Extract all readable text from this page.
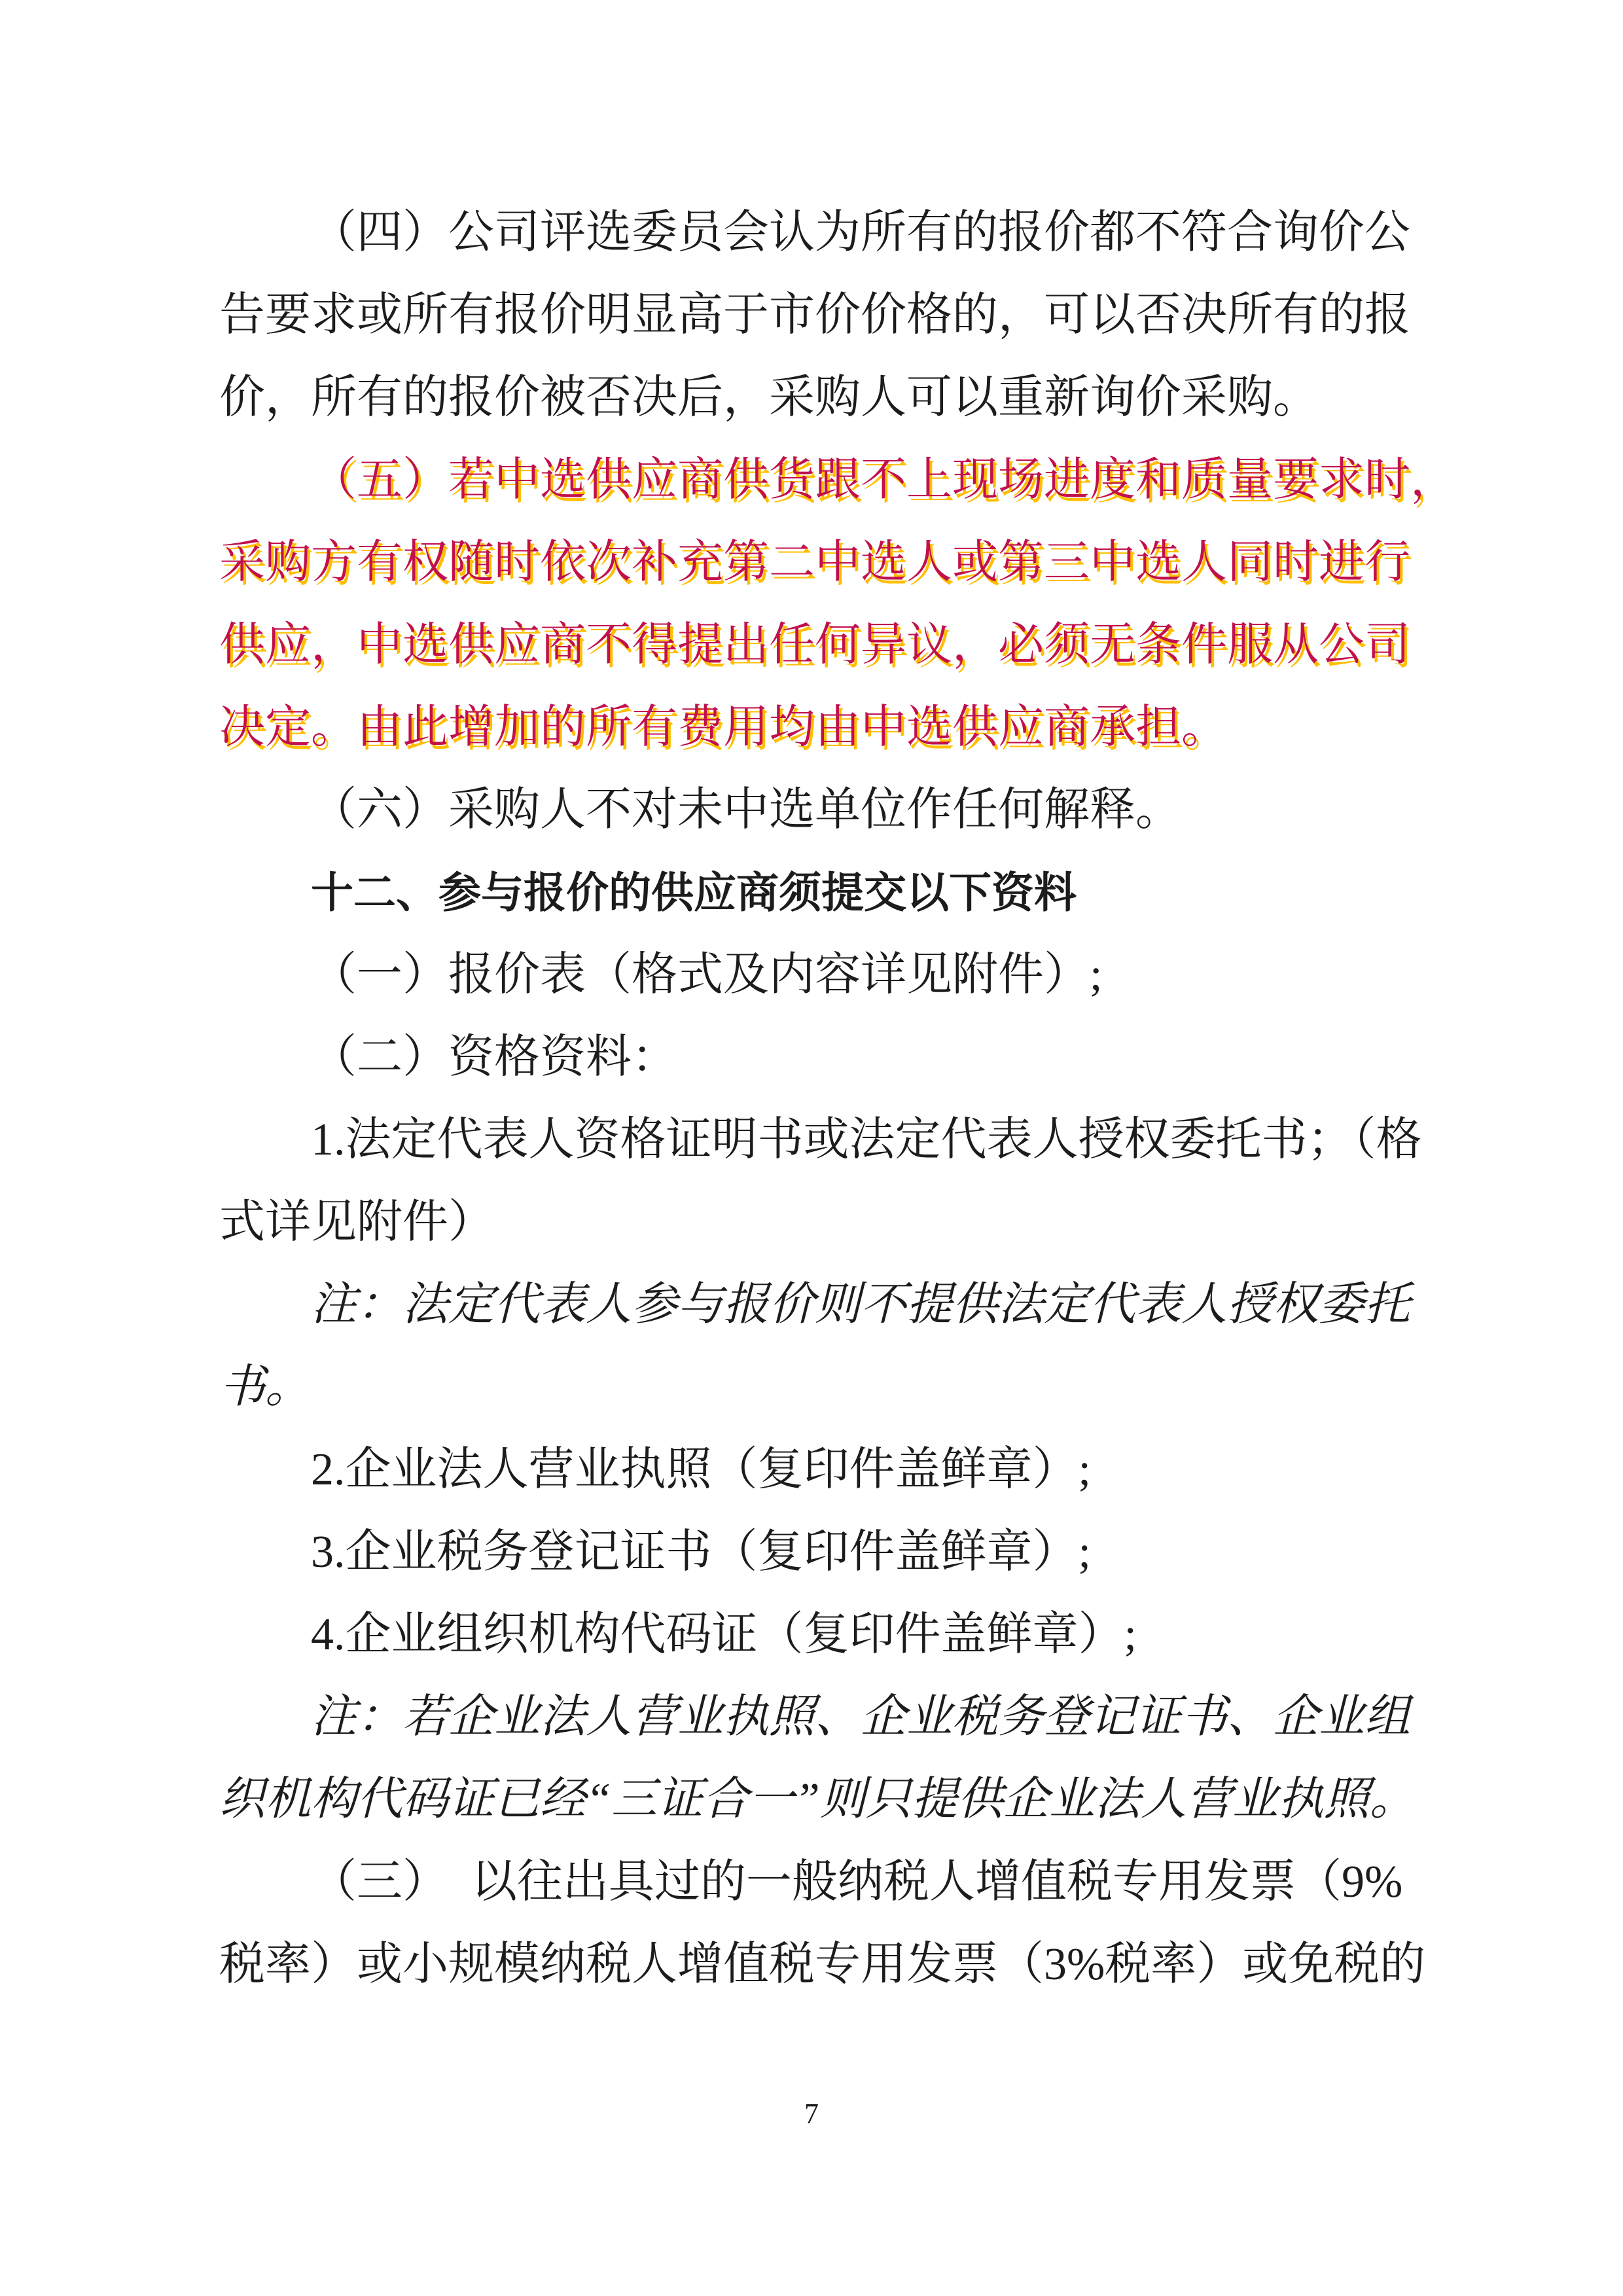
（四）公司评选委员会认为所有的报价都不符合询价公
告要求或所有报价明显高于市价价格的，可以否决所有的报
价，所有的报价被否决后，采购人可以重新询价采购。
（五）若中选供应商供货跟不上现场进度和质量要求时，
采购方有权随时依次补充第二中选人或第三中选人同时进行
供应，中选供应商不得提出任何异议，必须无条件服从公司
决定。由此增加的所有费用均由中选供应商承担。
（六）采购人不对未中选单位作任何解释。
十二、参与报价的供应商须提交以下资料
（一）报价表（格式及内容详见附件）;
（二）资格资料：
1.法定代表人资格证明书或法定代表人授权委托书；（格
式详见附件）
注：法定代表人参与报价则不提供法定代表人授权委托
书。
2.企业法人营业执照（复印件盖鲜章）;
3.企业税务登记证书（复印件盖鲜章）;
4.企业组织机构代码证（复印件盖鲜章）;
注：若企业法人营业执照、企业税务登记证书、企业组
织机构代码证已经“三证合一”则只提供企业法人营业执照。
（三）　以往出具过的一般纳税人增值税专用发票（9%
税率）或小规模纳税人增值税专用发票（3%税率）或免税的
7
